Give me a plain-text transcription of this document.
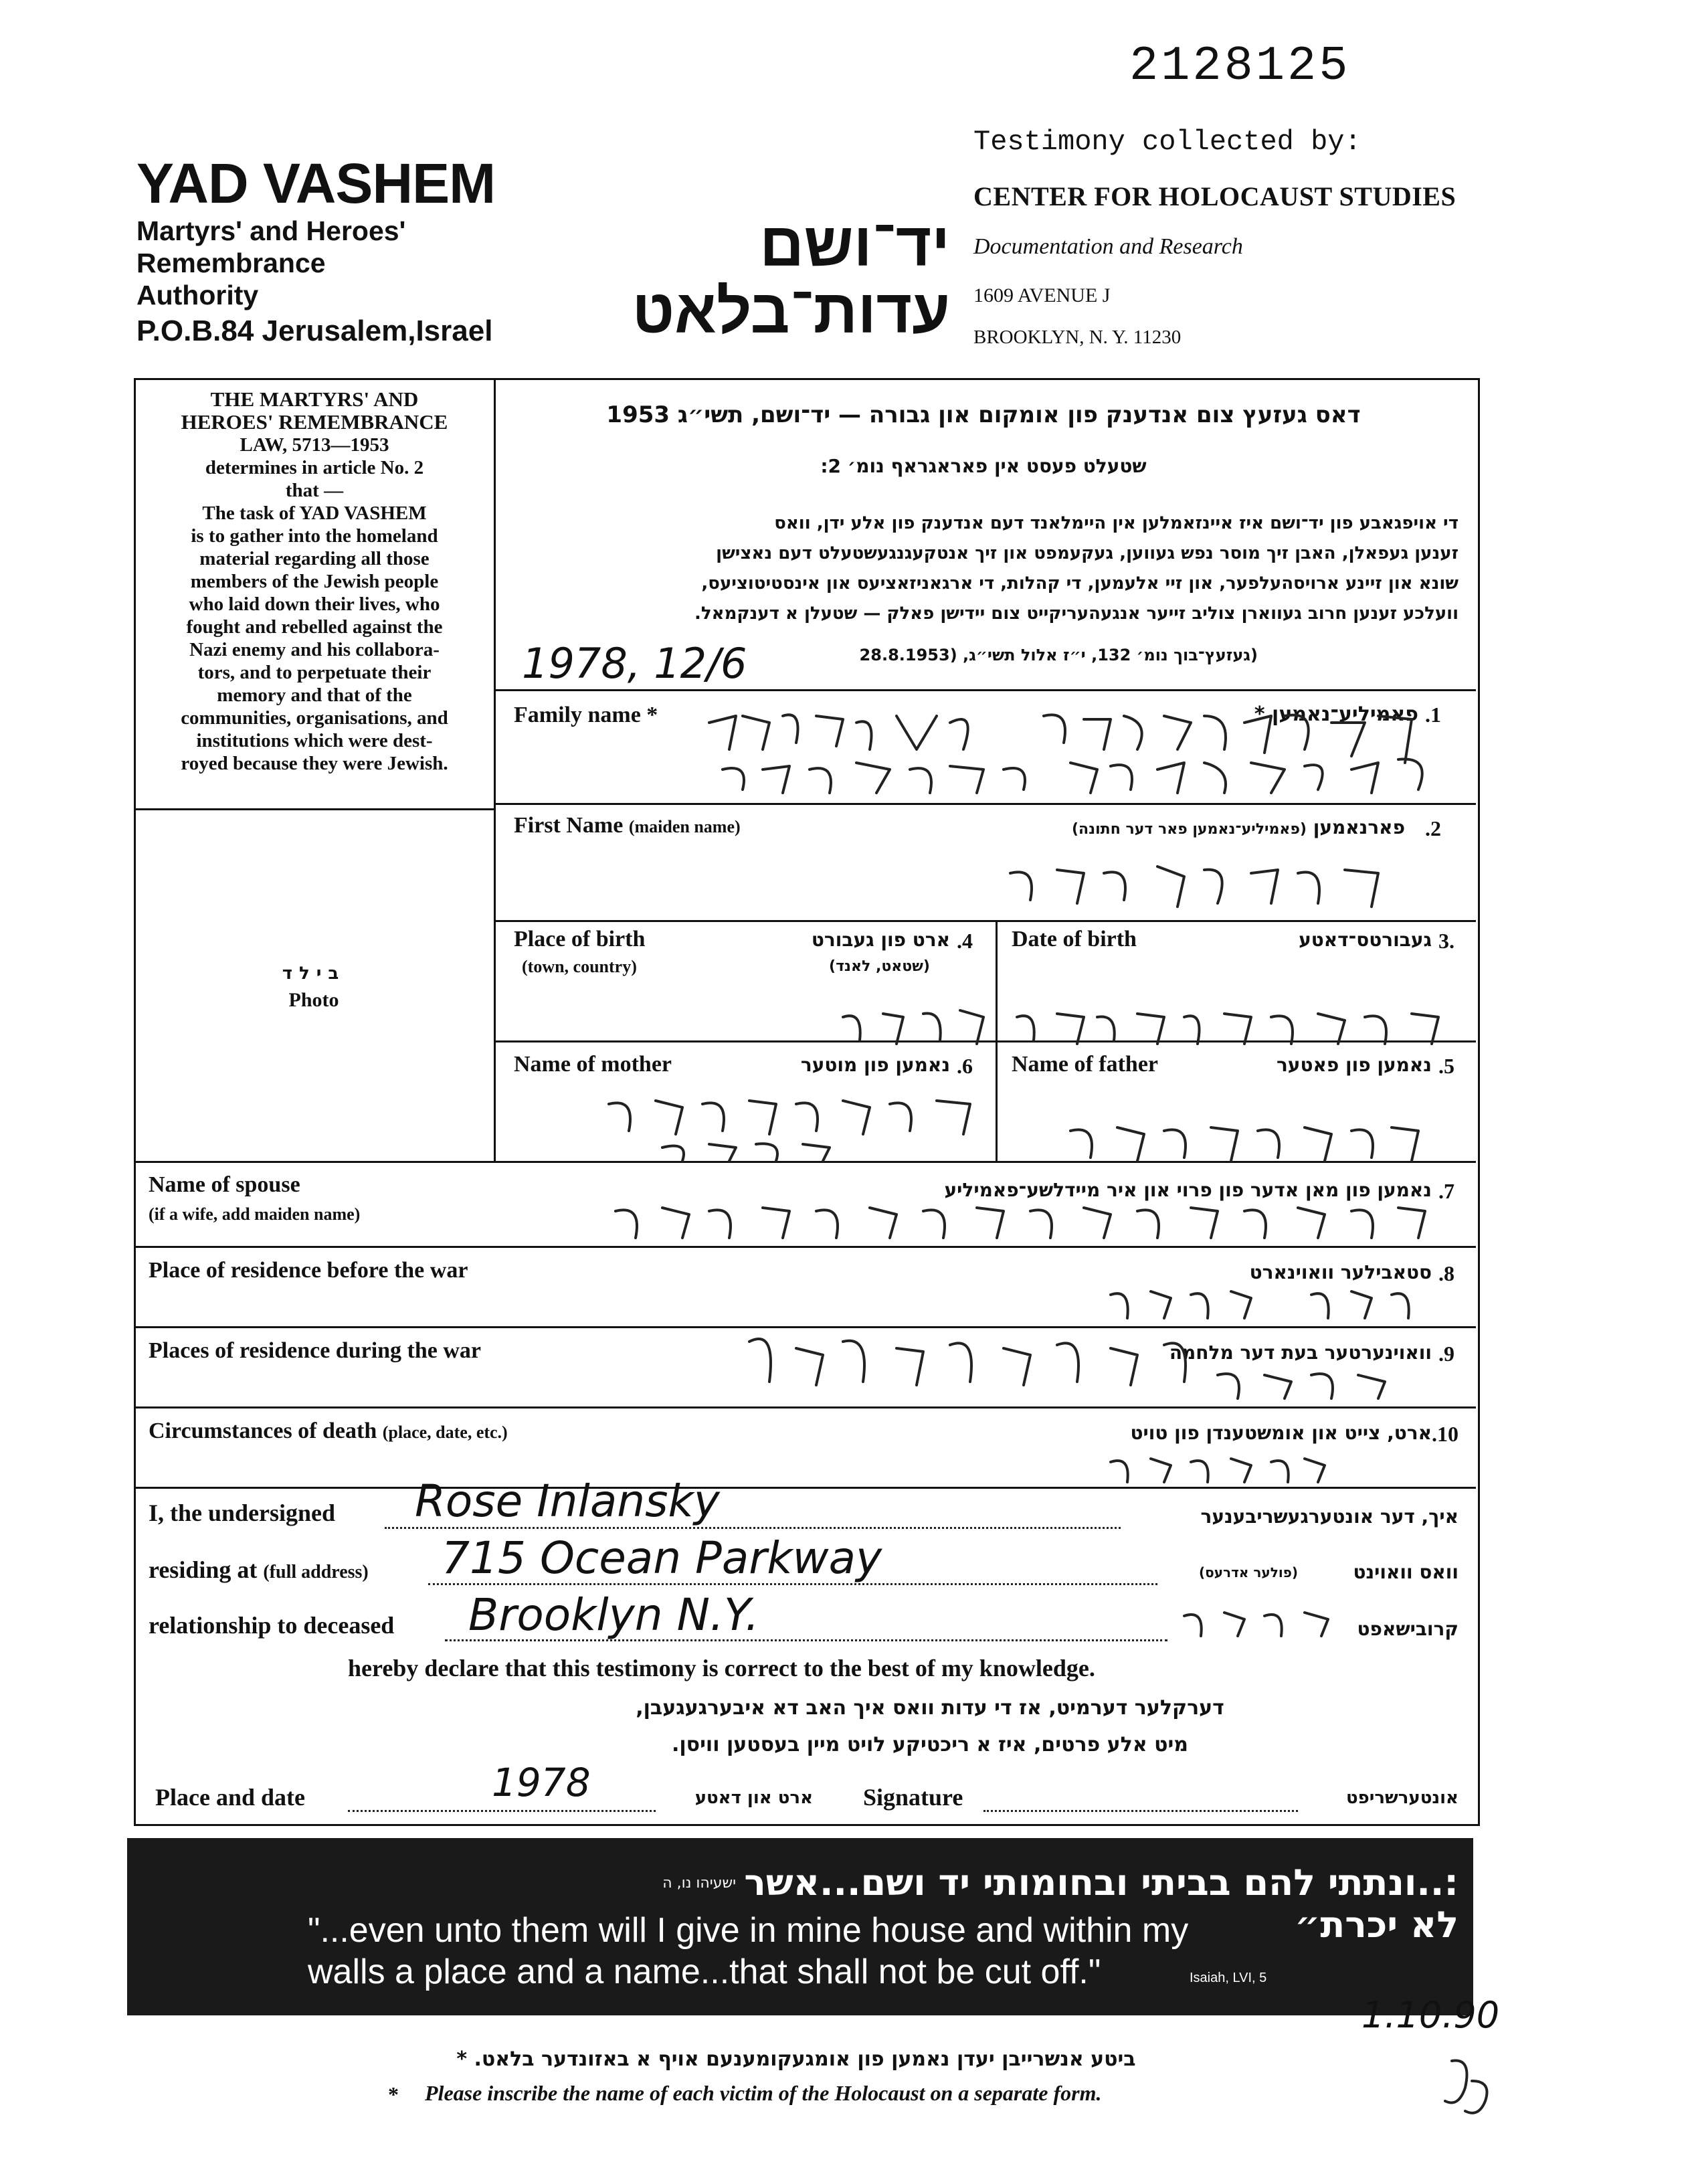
2128125
Testimony collected by:
CENTER FOR HOLOCAUST STUDIES
Documentation and Research
1609 AVENUE J
BROOKLYN, N. Y. 11230
YAD VASHEM
Martyrs' and Heroes'
Remembrance
Authority
P.O.B.84 Jerusalem,Israel
יד־ושם
עדות־בלאט
THE MARTYRS' AND
HEROES' REMEMBRANCE
LAW, 5713—1953
determines in article No. 2
that —
The task of YAD VASHEM
is to gather into the homeland
material regarding all those
members of the Jewish people
who laid down their lives, who
fought and rebelled against the
Nazi enemy and his collabora-
tors, and to perpetuate their
memory and that of the
communities, organisations, and
institutions which were dest-
royed because they were Jewish.
בילד
Photo
דאס געזעץ צום אנדענק פון אומקום און גבורה — יד־ושם, תשי״ג 1953
שטעלט פעסט אין פאראגראף נומ׳ 2:
די אויפגאבע פון יד־ושם איז איינזאמלען אין היימלאנד דעם אנדענק פון אלע ידן, וואס
זענען געפאלן, האבן זיך מוסר נפש געווען, געקעמפט און זיך אנטקעגנגעשטעלט דעם נאצישן
שונא און זיינע ארויסהעלפער, און זיי אלעמען, די קהלות, די ארגאניזאציעס און אינסטיטוציעס,
וועלכע זענען חרוב געווארן צוליב זייער אנגעהעריקייט צום יידישן פאלק — שטעלן א דענקמאל.
(געזעץ־בוך נומ׳ 132, י״ז אלול תשי״ג, (28.8.1953
1978, 12/6
Family name *	פאמיליע־נאמען * .1
First Name (maiden name)	פארנאמען (פאמיליע־נאמען פאר דער חתונה)	.2
Place of birth
(town, country)
ארט פון געבורט
(שטאט, לאנד)
.4 Date of birth	געבורטס־דאטע 3.
Name of mother	נאמען פון מוטער .6 Name of father	נאמען פון פאטער .5
Name of spouse
(if a wife, add maiden name)
נאמען פון מאן אדער פון פרוי און איר מיידלשע־פאמיליע .7
Place of residence before the war	סטאבילער וואוינארט .8
Places of residence during the war	וואוינערטער בעת דער מלחמה .9
Circumstances of death (place, date, etc.)	ארט, צייט און אומשטענדן פון טויט .10
I, the undersigned Rose Inlansky	איך, דער אונטערגעשריבענער
residing at (full address) 715 Ocean Parkway	(פולער אדרעס)	וואס וואוינט
relationship to deceased Brooklyn N.Y.	קרובישאפט
hereby declare that this testimony is correct to the best of my knowledge.
דערקלער דערמיט, אז די עדות וואס איך האב דא איבערגעגעבן,
מיט אלע פרטים, איז א ריכטיקע לויט מיין בעסטען וויסן.
Place and date	1978	ארט און דאטע Signature	אונטערשריפט
:..ונתתי להם בביתי ובחומותי יד ושם...אשר לא יכרת״
ישעיהו נו, ה
"...even unto them will I give in mine house and within my
walls a place and a name...that shall not be cut off."	Isaiah, LVI, 5
ביטע אנשרייבן יעדן נאמען פון אומגעקומענעם אויף א באזונדער בלאט. *
* Please inscribe the name of each victim of the Holocaust on a separate form.
1.10.90
